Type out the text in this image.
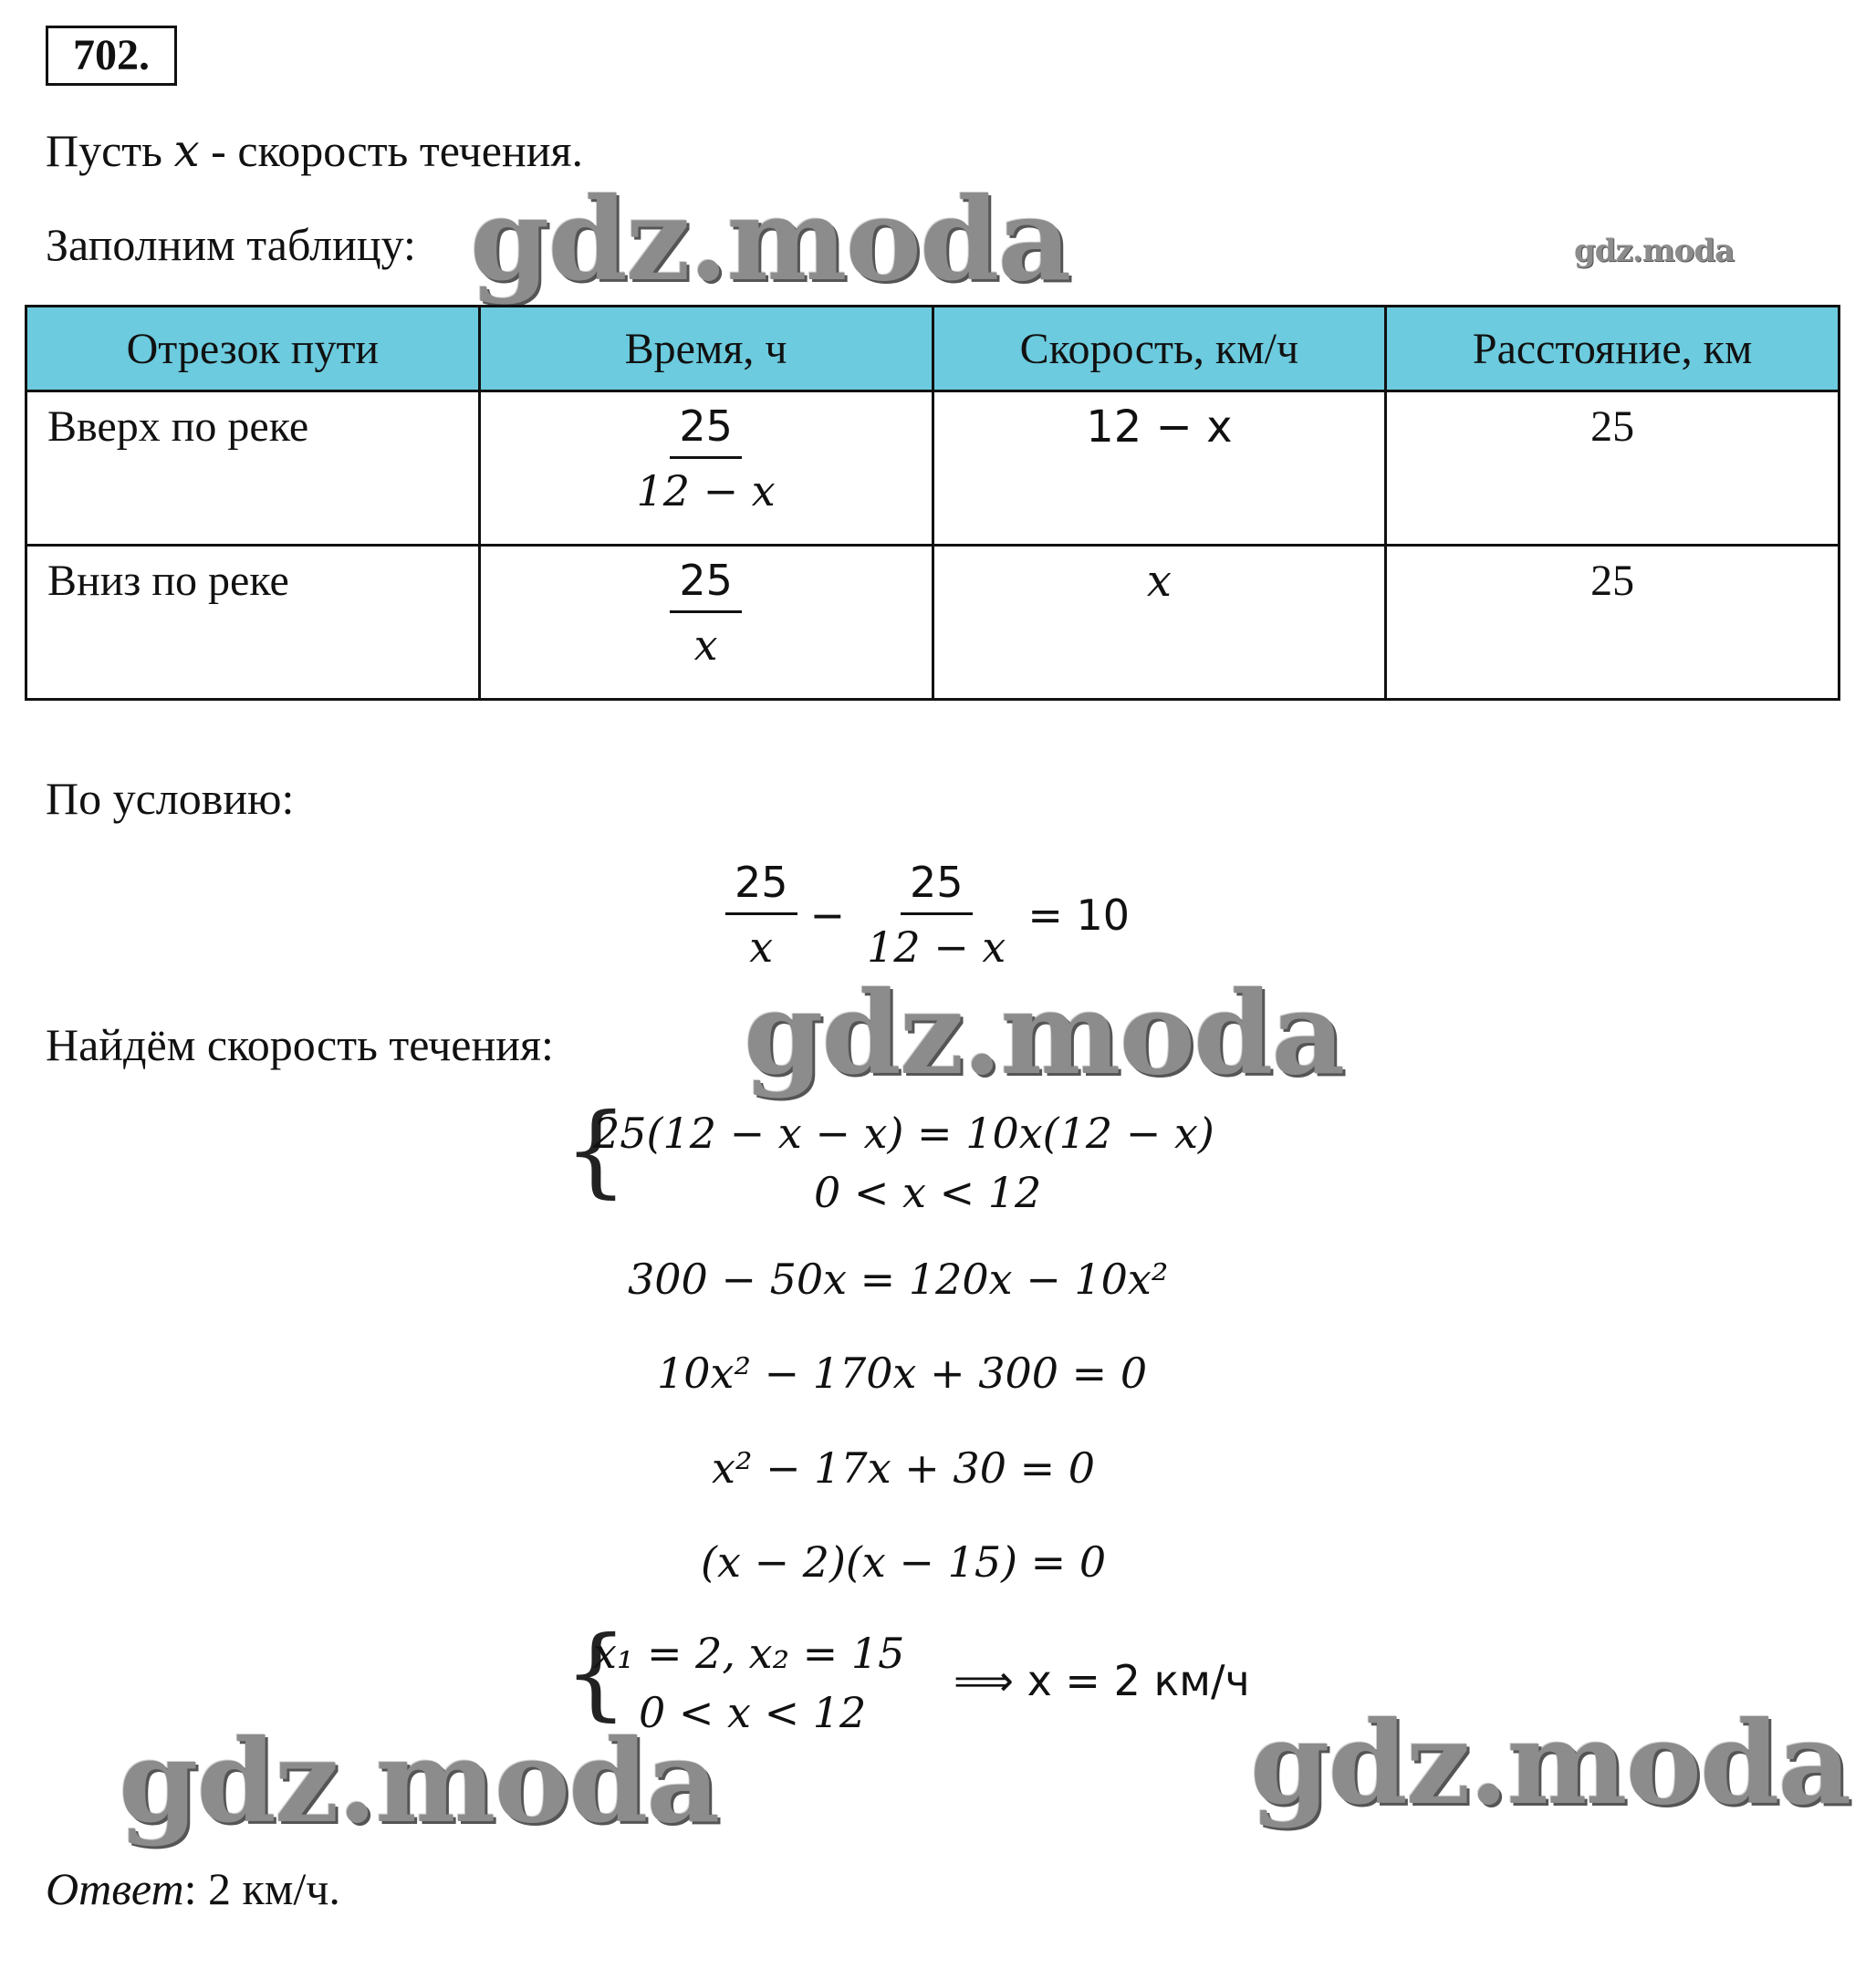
702.
Пусть x - скорость течения.
Заполним таблицу: gdz.moda	gdz.moda
Отрезок пути	Время, ч	Скорость, км/ч	Расстояние, км
Вверх по реке	$\frac{25}{12 - x}$	12 − x	25
Вниз по реке	$\frac{25}{x}$	x	25
По условию:
$\frac{25}{x} - \frac{25}{12 - x} = 10$
Найдём скорость течения: gdz.moda
{
25(12 − x − x) = 10x(12 − x)
0 < x < 12
300 − 50x = 120x − 10x²
10x² − 170x + 300 = 0
x² − 17x + 30 = 0
(x − 2)(x − 15) = 0
{
x₁ = 2, x₂ = 15
0 < x < 12
⟹ x = 2 км/ч
gdz.moda	gdz.moda
Ответ: 2 км/ч.
